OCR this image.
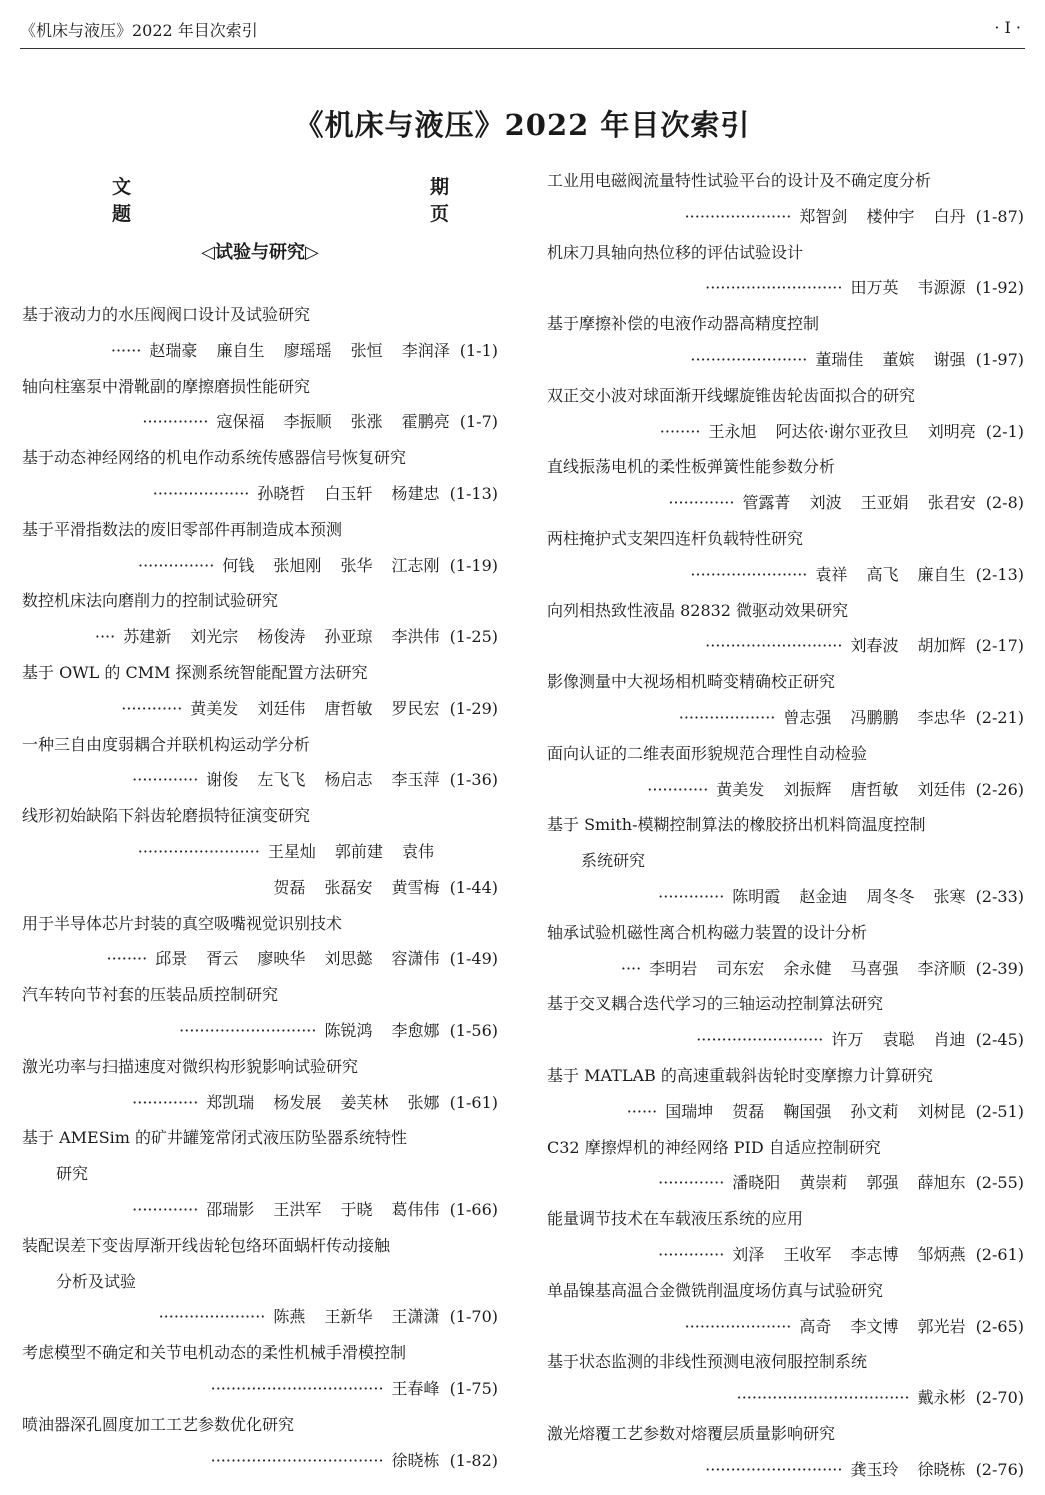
《机床与液压》2022 年目次索引	· I ·
《机床与液压》2022 年目次索引
文题
期页
◁试验与研究▷
基于液动力的水压阀阀口设计及试验研究
······ 赵瑞豪 廉自生 廖瑶瑶 张恒 李润泽 (1-1)
轴向柱塞泵中滑靴副的摩擦磨损性能研究
············· 寇保福 李振顺 张涨 霍鹏亮 (1-7)
基于动态神经网络的机电作动系统传感器信号恢复研究
··················· 孙晓哲 白玉轩 杨建忠 (1-13)
基于平滑指数法的废旧零部件再制造成本预测
··············· 何钱 张旭刚 张华 江志刚 (1-19)
数控机床法向磨削力的控制试验研究
···· 苏建新 刘光宗 杨俊涛 孙亚琼 李洪伟 (1-25)
基于 OWL 的 CMM 探测系统智能配置方法研究
············ 黄美发 刘廷伟 唐哲敏 罗民宏 (1-29)
一种三自由度弱耦合并联机构运动学分析
············· 谢俊 左飞飞 杨启志 李玉萍 (1-36)
线形初始缺陷下斜齿轮磨损特征演变研究
························ 王星灿 郭前建 袁伟
贺磊 张磊安 黄雪梅 (1-44)
用于半导体芯片封装的真空吸嘴视觉识别技术
········ 邱景 胥云 廖映华 刘思懿 容潇伟 (1-49)
汽车转向节衬套的压装品质控制研究
··························· 陈锐鸿 李愈娜 (1-56)
激光功率与扫描速度对微织构形貌影响试验研究
············· 郑凯瑞 杨发展 姜芙林 张娜 (1-61)
基于 AMESim 的矿井罐笼常闭式液压防坠器系统特性
研究
············· 邵瑞影 王洪军 于晓 葛伟伟 (1-66)
装配误差下变齿厚渐开线齿轮包络环面蜗杆传动接触
分析及试验
····················· 陈燕 王新华 王潇潇 (1-70)
考虑模型不确定和关节电机动态的柔性机械手滑模控制
·································· 王春峰 (1-75)
喷油器深孔圆度加工工艺参数优化研究
·································· 徐晓栋 (1-82)
工业用电磁阀流量特性试验平台的设计及不确定度分析
····················· 郑智剑 楼仲宇 白丹 (1-87)
机床刀具轴向热位移的评估试验设计
··························· 田万英 韦源源 (1-92)
基于摩擦补偿的电液作动器高精度控制
······················· 董瑞佳 董嫔 谢强 (1-97)
双正交小波对球面渐开线螺旋锥齿轮齿面拟合的研究
········ 王永旭 阿达依·谢尔亚孜旦 刘明亮 (2-1)
直线振荡电机的柔性板弹簧性能参数分析
············· 管露菁 刘波 王亚娟 张君安 (2-8)
两柱掩护式支架四连杆负载特性研究
······················· 袁祥 高飞 廉自生 (2-13)
向列相热致性液晶 82832 微驱动效果研究
··························· 刘春波 胡加辉 (2-17)
影像测量中大视场相机畸变精确校正研究
··················· 曾志强 冯鹏鹏 李忠华 (2-21)
面向认证的二维表面形貌规范合理性自动检验
············ 黄美发 刘振辉 唐哲敏 刘廷伟 (2-26)
基于 Smith-模糊控制算法的橡胶挤出机料筒温度控制
系统研究
············· 陈明霞 赵金迪 周冬冬 张寒 (2-33)
轴承试验机磁性离合机构磁力装置的设计分析
···· 李明岩 司东宏 余永健 马喜强 李济顺 (2-39)
基于交叉耦合迭代学习的三轴运动控制算法研究
························· 许万 袁聪 肖迪 (2-45)
基于 MATLAB 的高速重载斜齿轮时变摩擦力计算研究
······ 国瑞坤 贺磊 鞠国强 孙文莉 刘树昆 (2-51)
C32 摩擦焊机的神经网络 PID 自适应控制研究
············· 潘晓阳 黄崇莉 郭强 薛旭东 (2-55)
能量调节技术在车载液压系统的应用
············· 刘泽 王收军 李志博 邹炳燕 (2-61)
单晶镍基高温合金微铣削温度场仿真与试验研究
····················· 高奇 李文博 郭光岩 (2-65)
基于状态监测的非线性预测电液伺服控制系统
·································· 戴永彬 (2-70)
激光熔覆工艺参数对熔覆层质量影响研究
··························· 龚玉玲 徐晓栋 (2-76)
